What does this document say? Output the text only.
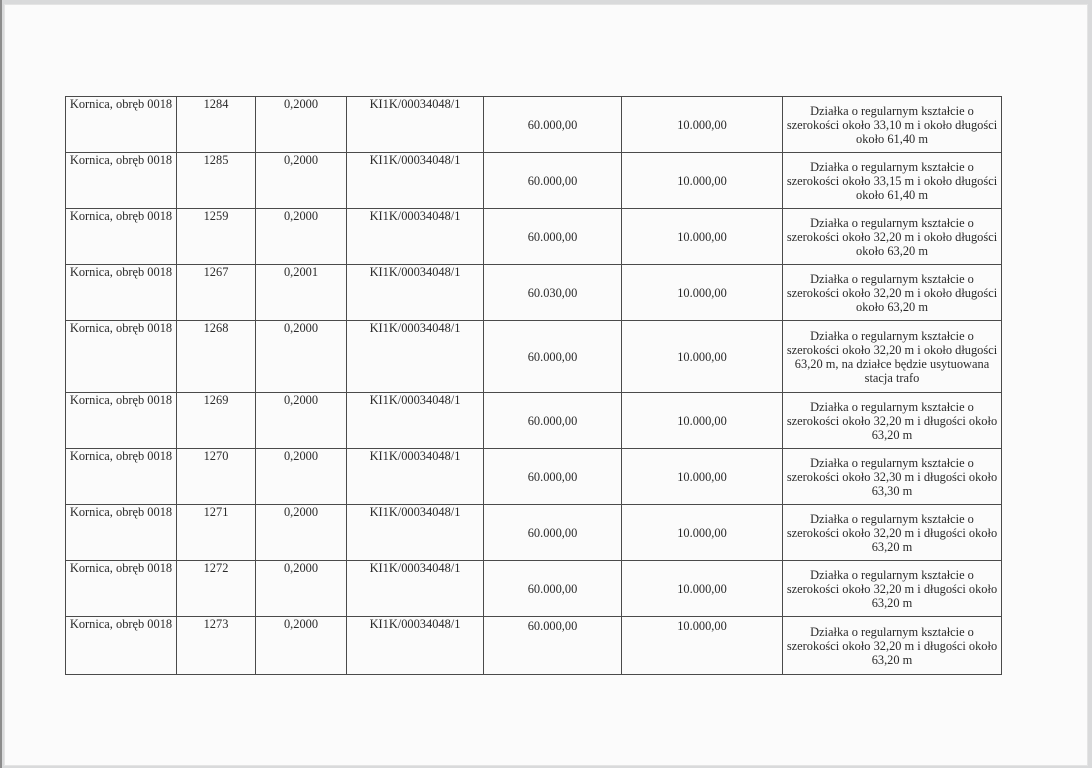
Kornica, obręb 0018	1284	0,2000	KI1K/00034048/1	60.000,00	10.000,00	Działka o regularnym kształcie o szerokości około 33,10 m i około długości około 61,40 m
Kornica, obręb 0018	1285	0,2000	KI1K/00034048/1	60.000,00	10.000,00	Działka o regularnym kształcie o szerokości około 33,15 m i około długości około 61,40 m
Kornica, obręb 0018	1259	0,2000	KI1K/00034048/1	60.000,00	10.000,00	Działka o regularnym kształcie o szerokości około 32,20 m i około długości około 63,20 m
Kornica, obręb 0018	1267	0,2001	KI1K/00034048/1	60.030,00	10.000,00	Działka o regularnym kształcie o szerokości około 32,20 m i około długości około 63,20 m
Kornica, obręb 0018	1268	0,2000	KI1K/00034048/1	60.000,00	10.000,00	Działka o regularnym kształcie o szerokości około 32,20 m i około długości 63,20 m, na działce będzie usytuowana stacja trafo
Kornica, obręb 0018	1269	0,2000	KI1K/00034048/1	60.000,00	10.000,00	Działka o regularnym kształcie o szerokości około 32,20 m i długości około 63,20 m
Kornica, obręb 0018	1270	0,2000	KI1K/00034048/1	60.000,00	10.000,00	Działka o regularnym kształcie o szerokości około 32,30 m i długości około 63,30 m
Kornica, obręb 0018	1271	0,2000	KI1K/00034048/1	60.000,00	10.000,00	Działka o regularnym kształcie o szerokości około 32,20 m i długości około 63,20 m
Kornica, obręb 0018	1272	0,2000	KI1K/00034048/1	60.000,00	10.000,00	Działka o regularnym kształcie o szerokości około 32,20 m i długości około 63,20 m
Kornica, obręb 0018	1273	0,2000	KI1K/00034048/1	60.000,00	10.000,00	Działka o regularnym kształcie o szerokości około 32,20 m i długości około 63,20 m
